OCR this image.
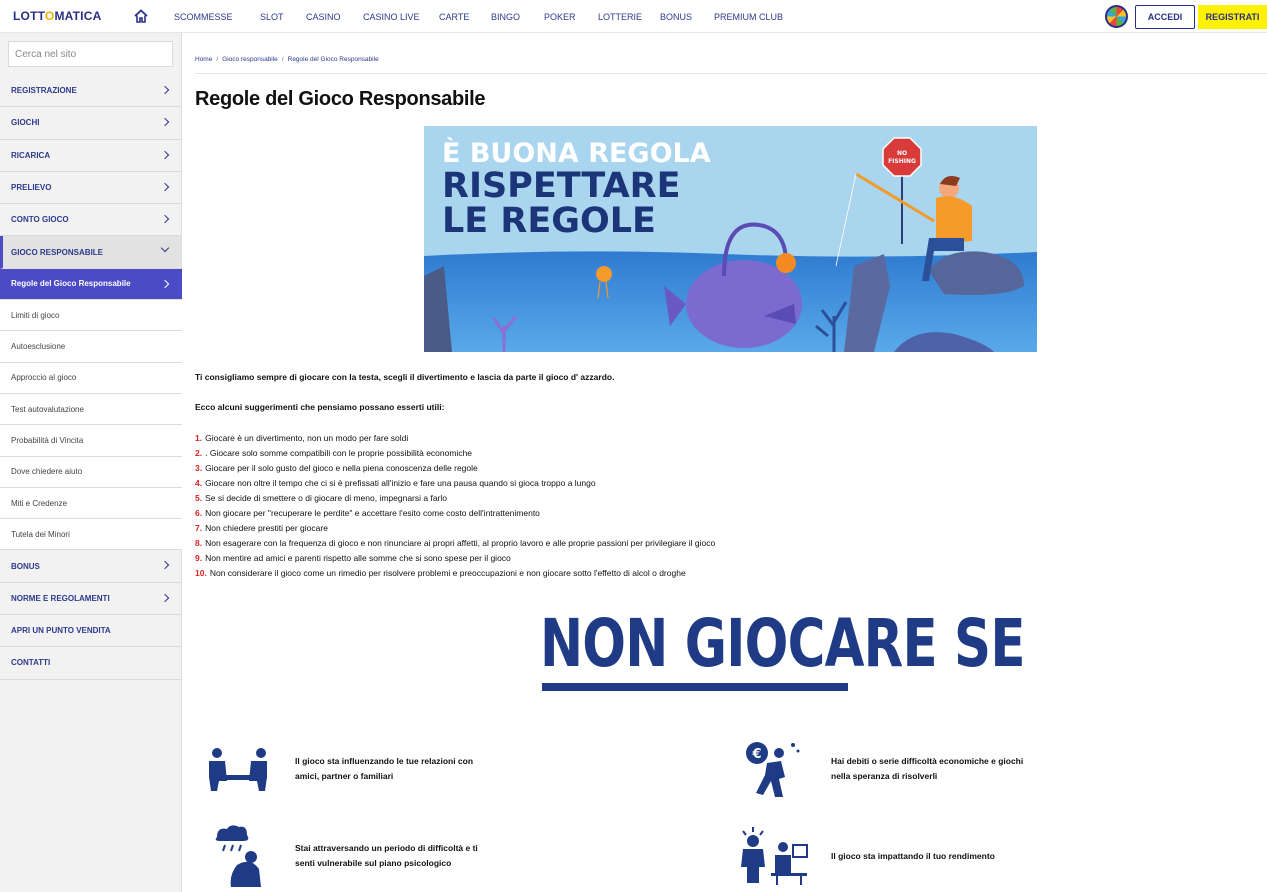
LOTTOMATICA	SCOMMESSE	SLOT	CASINO	CASINO LIVE	CARTE	BINGO	POKER	LOTTERIE	BONUS	PREMIUM CLUB	ACCEDI	REGISTRATI
Cerca nel sito
REGISTRAZIONE
GIOCHI
RICARICA
PRELIEVO
CONTO GIOCO
GIOCO RESPONSABILE
Regole del Gioco Responsabile
Limiti di gioco
Autoesclusione
Approccio al gioco
Test autovalutazione
Probabilità di Vincita
Dove chiedere aiuto
Miti e Credenze
Tutela dei Minori
BONUS
NORME E REGOLAMENTI
APRI UN PUNTO VENDITA
CONTATTI
Home / Gioco responsabile / Regole del Gioco Responsabile
Regole del Gioco Responsabile
È BUONA REGOLA
RISPETTARE
LE REGOLE
NO
FISHING

Ti consigliamo sempre di giocare con la testa, scegli il divertimento e lascia da parte il gioco d' azzardo.

Ecco alcuni suggerimenti che pensiamo possano esserti utili:

1. Giocare è un divertimento, non un modo per fare soldi
2. . Giocare solo somme compatibili con le proprie possibilità economiche
3. Giocare per il solo gusto del gioco e nella piena conoscenza delle regole
4. Giocare non oltre il tempo che ci si è prefissati all'inizio e fare una pausa quando si gioca troppo a lungo
5. Se si decide di smettere o di giocare di meno, impegnarsi a farlo
6. Non giocare per "recuperare le perdite" e accettare l'esito come costo dell'intrattenimento
7. Non chiedere prestiti per giocare
8. Non esagerare con la frequenza di gioco e non rinunciare ai propri affetti, al proprio lavoro e alle proprie passioni per privilegiare il gioco
9. Non mentire ad amici e parenti rispetto alle somme che si sono spese per il gioco
10. Non considerare il gioco come un rimedio per risolvere problemi e preoccupazioni e non giocare sotto l'effetto di alcol o droghe
NON GIOCARE SE
Il gioco sta influenzando le tue relazioni con amici, partner o familiari
€	Hai debiti o serie difficoltà economiche e giochi nella speranza di risolverli
Stai attraversando un periodo di difficoltà e ti senti vulnerabile sul piano psicologico
Il gioco sta impattando il tuo rendimento
